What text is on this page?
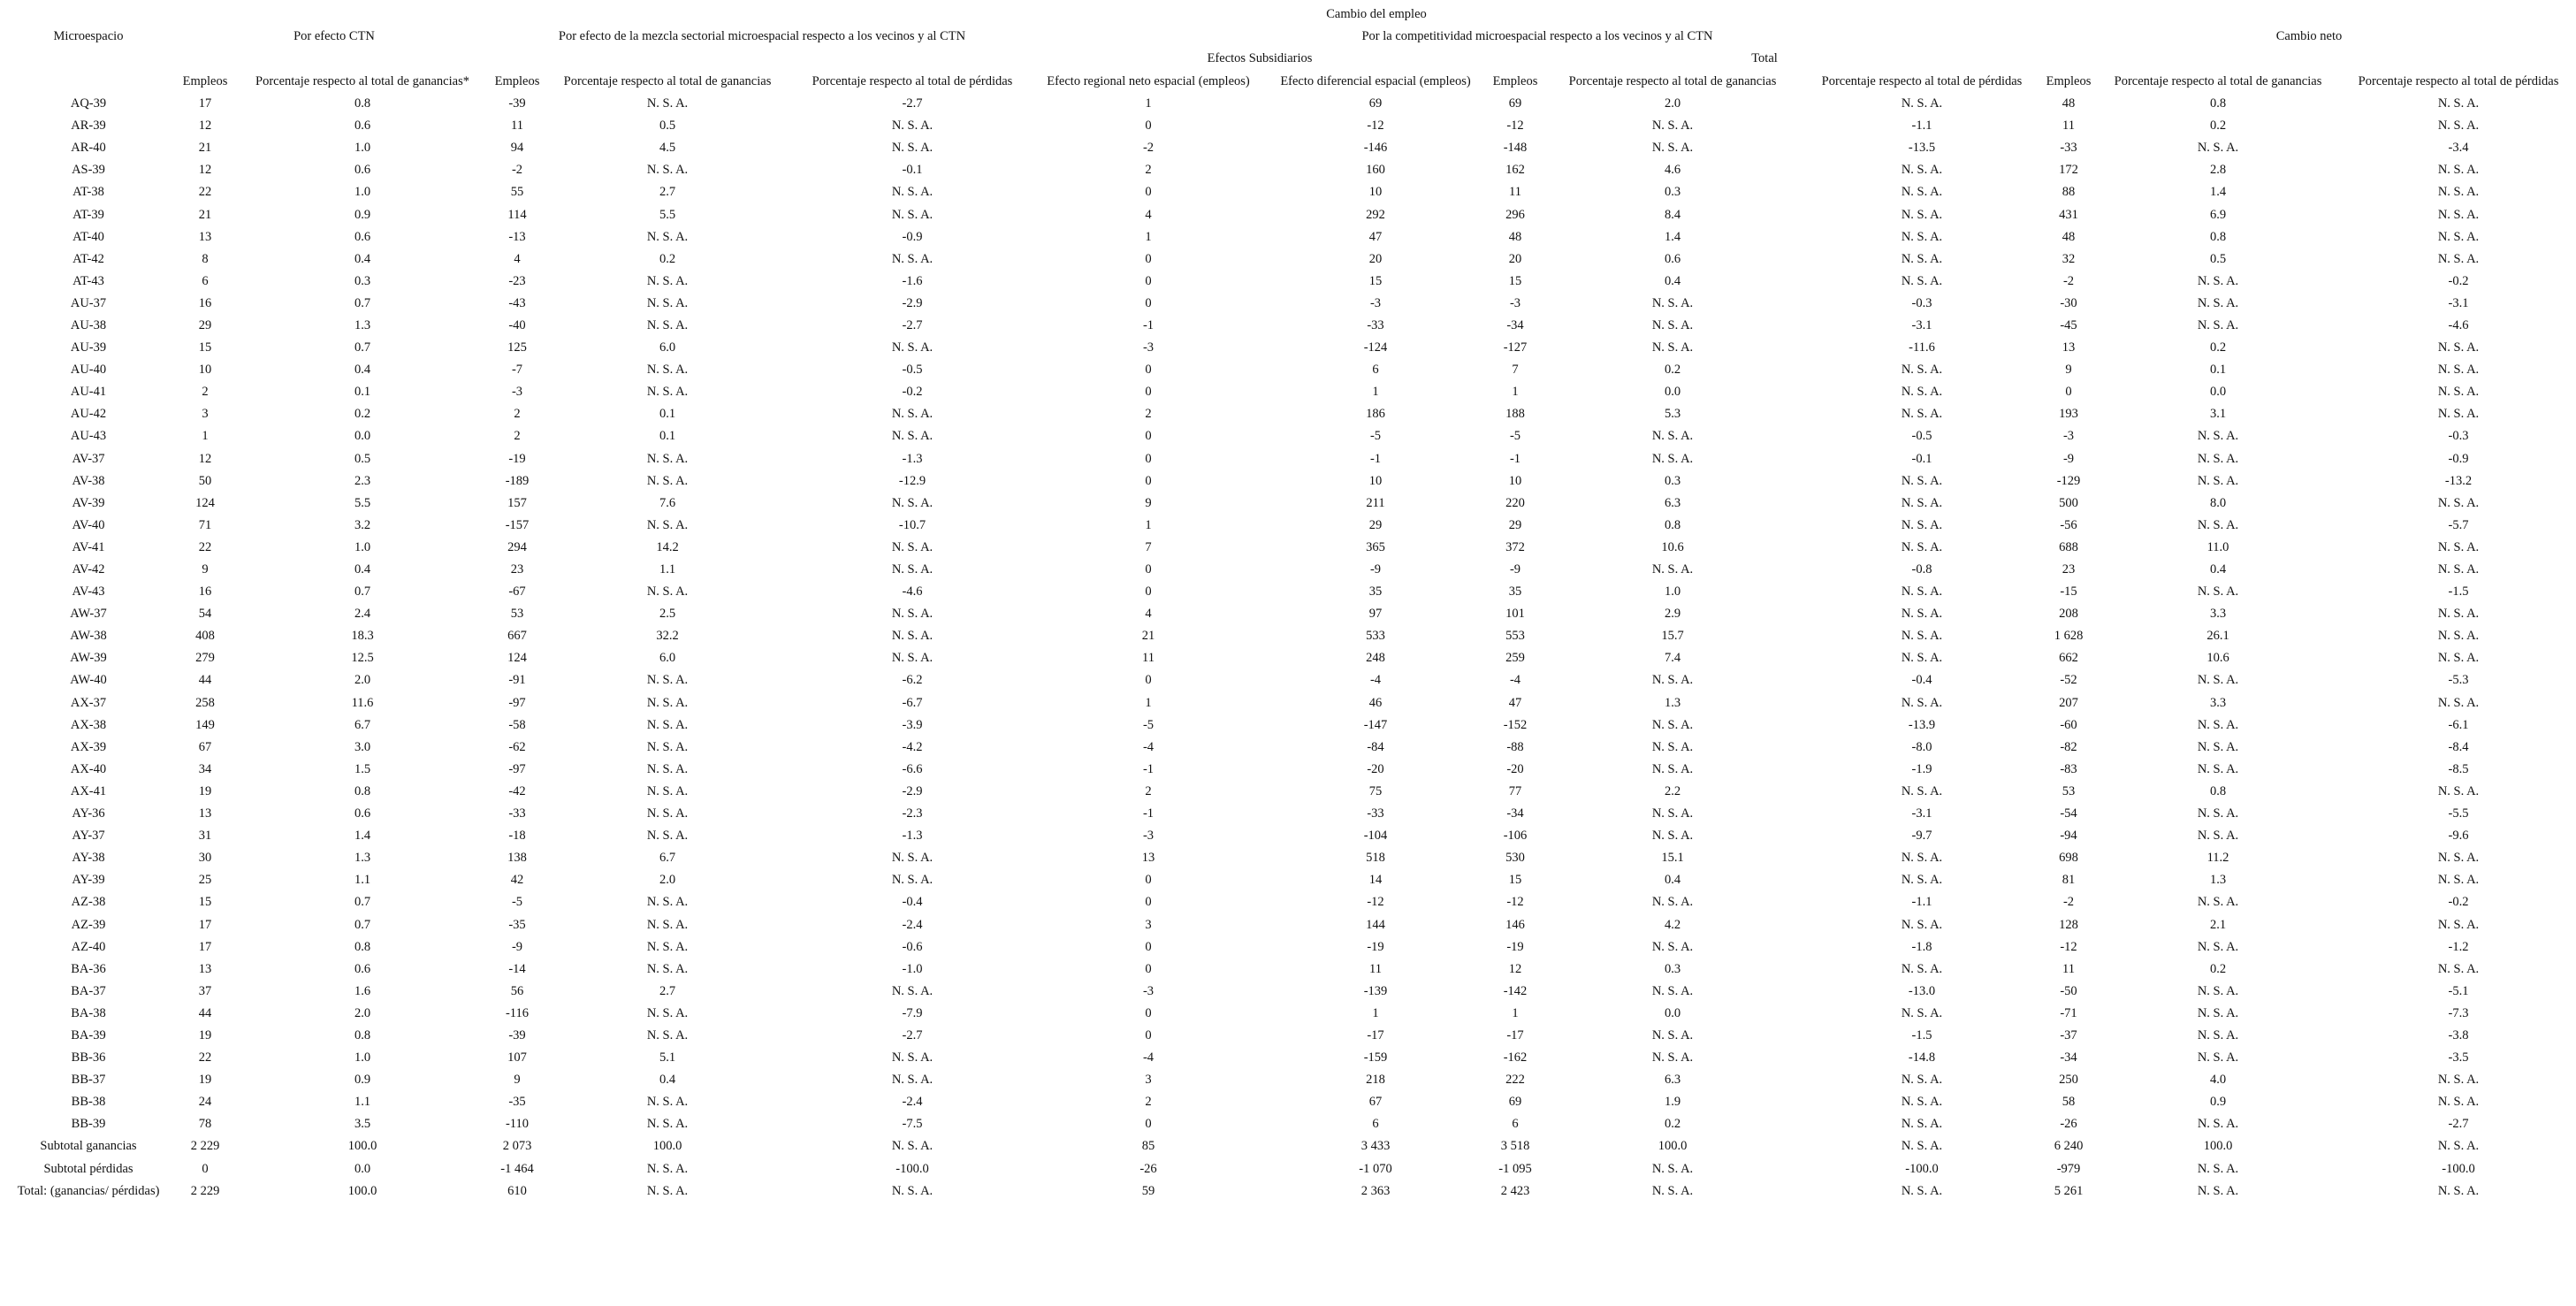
Microespacio	Cambio del empleo												
	Por efecto CTN		Por efecto de la mezcla sectorial microespacial respecto a los vecinos y al CTN			Por la competitividad microespacial respecto a los vecinos y al CTN					Cambio neto		
						Efectos Subsidiarios		Total					
	Empleos	Porcentaje respecto al total de ganancias*	Empleos	Porcentaje respecto al total de ganancias	Porcentaje respecto al total de pérdidas	Efecto regional neto espacial (empleos)	Efecto diferencial espacial (empleos)	Empleos	Porcentaje respecto al total de ganancias	Porcentaje respecto al total de pérdidas	Empleos	Porcentaje respecto al total de ganancias	Porcentaje respecto al total de pérdidas
AQ-39	17	0.8	-39	N. S. A.	-2.7	1	69	69	2.0	N. S. A.	48	0.8	N. S. A.
AR-39	12	0.6	11	0.5	N. S. A.	0	-12	-12	N. S. A.	-1.1	11	0.2	N. S. A.
AR-40	21	1.0	94	4.5	N. S. A.	-2	-146	-148	N. S. A.	-13.5	-33	N. S. A.	-3.4
AS-39	12	0.6	-2	N. S. A.	-0.1	2	160	162	4.6	N. S. A.	172	2.8	N. S. A.
AT-38	22	1.0	55	2.7	N. S. A.	0	10	11	0.3	N. S. A.	88	1.4	N. S. A.
AT-39	21	0.9	114	5.5	N. S. A.	4	292	296	8.4	N. S. A.	431	6.9	N. S. A.
AT-40	13	0.6	-13	N. S. A.	-0.9	1	47	48	1.4	N. S. A.	48	0.8	N. S. A.
AT-42	8	0.4	4	0.2	N. S. A.	0	20	20	0.6	N. S. A.	32	0.5	N. S. A.
AT-43	6	0.3	-23	N. S. A.	-1.6	0	15	15	0.4	N. S. A.	-2	N. S. A.	-0.2
AU-37	16	0.7	-43	N. S. A.	-2.9	0	-3	-3	N. S. A.	-0.3	-30	N. S. A.	-3.1
AU-38	29	1.3	-40	N. S. A.	-2.7	-1	-33	-34	N. S. A.	-3.1	-45	N. S. A.	-4.6
AU-39	15	0.7	125	6.0	N. S. A.	-3	-124	-127	N. S. A.	-11.6	13	0.2	N. S. A.
AU-40	10	0.4	-7	N. S. A.	-0.5	0	6	7	0.2	N. S. A.	9	0.1	N. S. A.
AU-41	2	0.1	-3	N. S. A.	-0.2	0	1	1	0.0	N. S. A.	0	0.0	N. S. A.
AU-42	3	0.2	2	0.1	N. S. A.	2	186	188	5.3	N. S. A.	193	3.1	N. S. A.
AU-43	1	0.0	2	0.1	N. S. A.	0	-5	-5	N. S. A.	-0.5	-3	N. S. A.	-0.3
AV-37	12	0.5	-19	N. S. A.	-1.3	0	-1	-1	N. S. A.	-0.1	-9	N. S. A.	-0.9
AV-38	50	2.3	-189	N. S. A.	-12.9	0	10	10	0.3	N. S. A.	-129	N. S. A.	-13.2
AV-39	124	5.5	157	7.6	N. S. A.	9	211	220	6.3	N. S. A.	500	8.0	N. S. A.
AV-40	71	3.2	-157	N. S. A.	-10.7	1	29	29	0.8	N. S. A.	-56	N. S. A.	-5.7
AV-41	22	1.0	294	14.2	N. S. A.	7	365	372	10.6	N. S. A.	688	11.0	N. S. A.
AV-42	9	0.4	23	1.1	N. S. A.	0	-9	-9	N. S. A.	-0.8	23	0.4	N. S. A.
AV-43	16	0.7	-67	N. S. A.	-4.6	0	35	35	1.0	N. S. A.	-15	N. S. A.	-1.5
AW-37	54	2.4	53	2.5	N. S. A.	4	97	101	2.9	N. S. A.	208	3.3	N. S. A.
AW-38	408	18.3	667	32.2	N. S. A.	21	533	553	15.7	N. S. A.	1 628	26.1	N. S. A.
AW-39	279	12.5	124	6.0	N. S. A.	11	248	259	7.4	N. S. A.	662	10.6	N. S. A.
AW-40	44	2.0	-91	N. S. A.	-6.2	0	-4	-4	N. S. A.	-0.4	-52	N. S. A.	-5.3
AX-37	258	11.6	-97	N. S. A.	-6.7	1	46	47	1.3	N. S. A.	207	3.3	N. S. A.
AX-38	149	6.7	-58	N. S. A.	-3.9	-5	-147	-152	N. S. A.	-13.9	-60	N. S. A.	-6.1
AX-39	67	3.0	-62	N. S. A.	-4.2	-4	-84	-88	N. S. A.	-8.0	-82	N. S. A.	-8.4
AX-40	34	1.5	-97	N. S. A.	-6.6	-1	-20	-20	N. S. A.	-1.9	-83	N. S. A.	-8.5
AX-41	19	0.8	-42	N. S. A.	-2.9	2	75	77	2.2	N. S. A.	53	0.8	N. S. A.
AY-36	13	0.6	-33	N. S. A.	-2.3	-1	-33	-34	N. S. A.	-3.1	-54	N. S. A.	-5.5
AY-37	31	1.4	-18	N. S. A.	-1.3	-3	-104	-106	N. S. A.	-9.7	-94	N. S. A.	-9.6
AY-38	30	1.3	138	6.7	N. S. A.	13	518	530	15.1	N. S. A.	698	11.2	N. S. A.
AY-39	25	1.1	42	2.0	N. S. A.	0	14	15	0.4	N. S. A.	81	1.3	N. S. A.
AZ-38	15	0.7	-5	N. S. A.	-0.4	0	-12	-12	N. S. A.	-1.1	-2	N. S. A.	-0.2
AZ-39	17	0.7	-35	N. S. A.	-2.4	3	144	146	4.2	N. S. A.	128	2.1	N. S. A.
AZ-40	17	0.8	-9	N. S. A.	-0.6	0	-19	-19	N. S. A.	-1.8	-12	N. S. A.	-1.2
BA-36	13	0.6	-14	N. S. A.	-1.0	0	11	12	0.3	N. S. A.	11	0.2	N. S. A.
BA-37	37	1.6	56	2.7	N. S. A.	-3	-139	-142	N. S. A.	-13.0	-50	N. S. A.	-5.1
BA-38	44	2.0	-116	N. S. A.	-7.9	0	1	1	0.0	N. S. A.	-71	N. S. A.	-7.3
BA-39	19	0.8	-39	N. S. A.	-2.7	0	-17	-17	N. S. A.	-1.5	-37	N. S. A.	-3.8
BB-36	22	1.0	107	5.1	N. S. A.	-4	-159	-162	N. S. A.	-14.8	-34	N. S. A.	-3.5
BB-37	19	0.9	9	0.4	N. S. A.	3	218	222	6.3	N. S. A.	250	4.0	N. S. A.
BB-38	24	1.1	-35	N. S. A.	-2.4	2	67	69	1.9	N. S. A.	58	0.9	N. S. A.
BB-39	78	3.5	-110	N. S. A.	-7.5	0	6	6	0.2	N. S. A.	-26	N. S. A.	-2.7
Subtotal ganancias	2 229	100.0	2 073	100.0	N. S. A.	85	3 433	3 518	100.0	N. S. A.	6 240	100.0	N. S. A.
Subtotal pérdidas	0	0.0	-1 464	N. S. A.	-100.0	-26	-1 070	-1 095	N. S. A.	-100.0	-979	N. S. A.	-100.0
Total: (ganancias/ pérdidas)	2 229	100.0	610	N. S. A.	N. S. A.	59	2 363	2 423	N. S. A.	N. S. A.	5 261	N. S. A.	N. S. A.
